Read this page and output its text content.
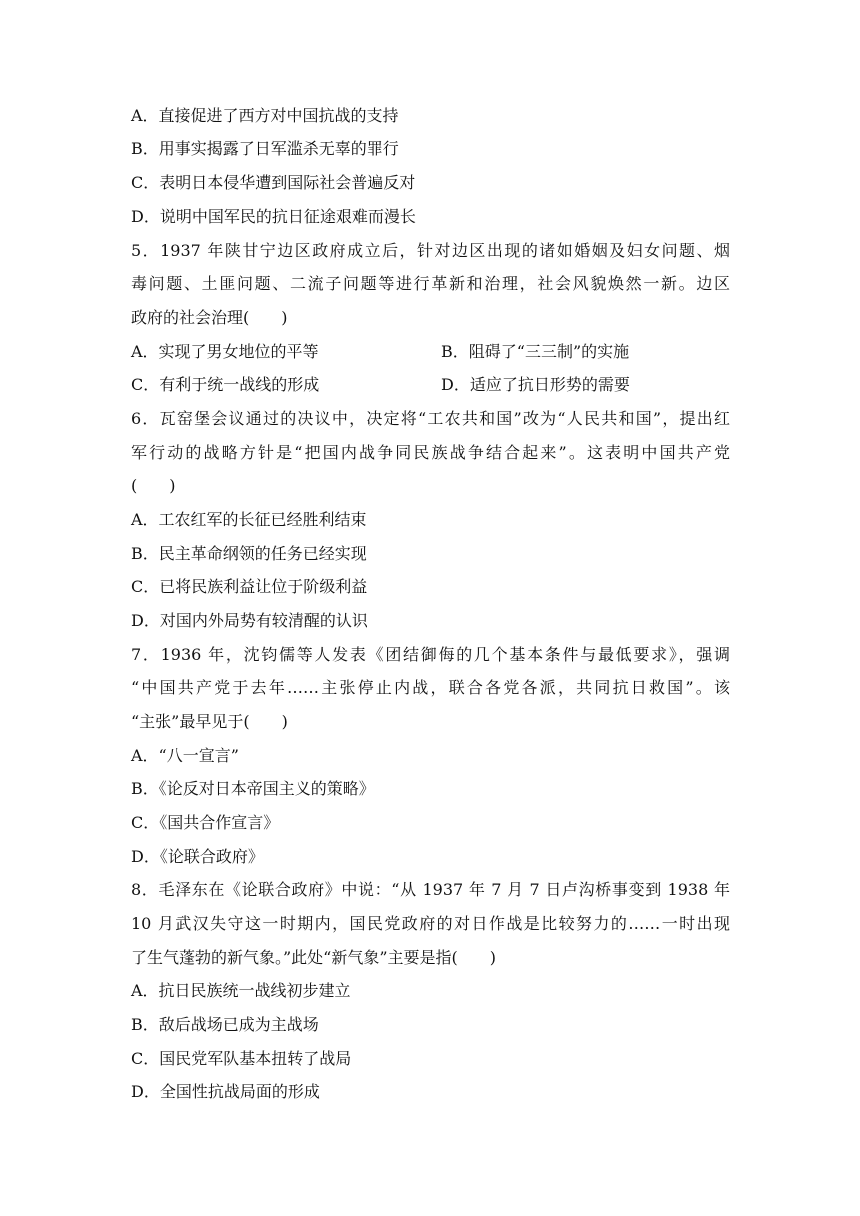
A．直接促进了西方对中国抗战的支持
B．用事实揭露了日军滥杀无辜的罪行
C．表明日本侵华遭到国际社会普遍反对
D．说明中国军民的抗日征途艰难而漫长
5．1937 年陕甘宁边区政府成立后，针对边区出现的诸如婚姻及妇女问题、烟
毒问题、土匪问题、二流子问题等进行革新和治理，社会风貌焕然一新。边区
政府的社会治理(　　)
A．实现了男女地位的平等	B．阻碍了“三三制”的实施
C．有利于统一战线的形成	D．适应了抗日形势的需要
6．瓦窑堡会议通过的决议中，决定将“工农共和国”改为“人民共和国”，提出红
军行动的战略方针是“把国内战争同民族战争结合起来”。这表明中国共产党
(　　)
A．工农红军的长征已经胜利结束
B．民主革命纲领的任务已经实现
C．已将民族利益让位于阶级利益
D．对国内外局势有较清醒的认识
7．1936 年，沈钧儒等人发表《团结御侮的几个基本条件与最低要求》，强调
“中国共产党于去年……主张停止内战，联合各党各派，共同抗日救国”。该
“主张”最早见于(　　)
A．“八一宣言”
B．《论反对日本帝国主义的策略》
C．《国共合作宣言》
D．《论联合政府》
8．毛泽东在《论联合政府》中说：“从 1937 年 7 月 7 日卢沟桥事变到 1938 年
10 月武汉失守这一时期内，国民党政府的对日作战是比较努力的……一时出现
了生气蓬勃的新气象。”此处“新气象”主要是指(　　)
A．抗日民族统一战线初步建立
B．敌后战场已成为主战场
C．国民党军队基本扭转了战局
D．全国性抗战局面的形成
